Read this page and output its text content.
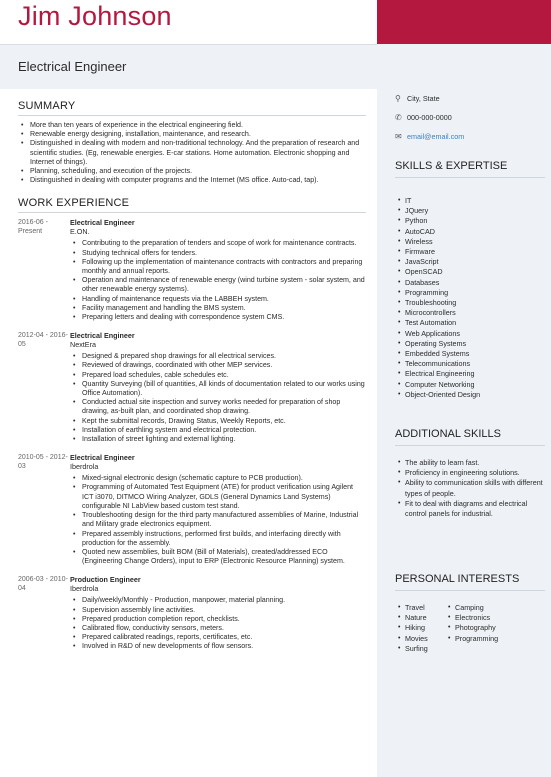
Jim Johnson
Electrical Engineer
SUMMARY
• More than ten years of experience in the electrical engineering field.
• Renewable energy designing, installation, maintenance, and research.
• Distinguished in dealing with modern and non-traditional technology. And the preparation of research and scientific studies. (Eg, renewable energies. E-car stations. Home automation. Electronic shopping and Internet of things).
• Planning, scheduling, and execution of the projects.
• Distinguished in dealing with computer programs and the Internet (MS office. Auto-cad, tap).
WORK EXPERIENCE
2016-06 - Present
Electrical Engineer
E.ON.
• Contributing to the preparation of tenders and scope of work for maintenance contracts.
• Studying technical offers for tenders.
• Following up the implementation of maintenance contracts with contractors and preparing monthly and annual reports.
• Operation and maintenance of renewable energy (wind turbine system - solar system, and other renewable energy systems).
• Handling of maintenance requests via the LABBEH system.
• Facility management and handling the BMS system.
• Preparing letters and dealing with correspondence system CMS.
2012-04 - 2016-05
Electrical Engineer
NextEra
• Designed & prepared shop drawings for all electrical services.
• Reviewed of drawings, coordinated with other MEP services.
• Prepared load schedules, cable schedules etc.
• Quantity Surveying (bill of quantities, All kinds of documentation related to our works using Office Automation).
• Conducted actual site inspection and survey works needed for preparation of shop drawing, as-built plan, and coordinated shop drawing.
• Kept the submittal records, Drawing Status, Weekly Reports, etc.
• Installation of earthling system and electrical protection.
• Installation of street lighting and external lighting.
2010-05 - 2012-03
Electrical Engineer
Iberdrola
• Mixed-signal electronic design (schematic capture to PCB production).
• Programming of Automated Test Equipment (ATE) for product verification using Agilent ICT i3070, DITMCO Wiring Analyzer, GDLS (General Dynamics Land Systems) configurable NI LabView based custom test stand.
• Troubleshooting design for the third party manufactured assemblies of Marine, Industrial and Military grade electronics equipment.
• Prepared assembly instructions, performed first builds, and interfacing directly with production for the assembly.
• Quoted new assemblies, built BOM (Bill of Materials), created/addressed ECO (Engineering Change Orders), input to ERP (Electronic Resource Planning) system.
2006-03 - 2010-04
Production Engineer
Iberdrola
• Daily/weekly/Monthly - Production, manpower, material planning.
• Supervision assembly line activities.
• Prepared production completion report, checklists.
• Calibrated flow, conductivity sensors, meters.
• Prepared calibrated readings, reports, certificates, etc.
• Involved in R&D of new developments of flow sensors.
⚲ City, State
✆ 000-000-0000
✉ email@email.com
SKILLS & EXPERTISE
• IT
• JQuery
• Python
• AutoCAD
• Wireless
• Firmware
• JavaScript
• OpenSCAD
• Databases
• Programming
• Troubleshooting
• Microcontrollers
• Test Automation
• Web Applications
• Operating Systems
• Embedded Systems
• Telecommunications
• Electrical Engineering
• Computer Networking
• Object-Oriented Design
ADDITIONAL SKILLS
• The ability to learn fast.
• Proficiency in engineering solutions.
• Ability to communication skills with different types of people.
• Fit to deal with diagrams and electrical control panels for industrial.
PERSONAL INTERESTS
• Travel
• Nature
• Hiking
• Movies
• Surfing
• Camping
• Electronics
• Photography
• Programming
